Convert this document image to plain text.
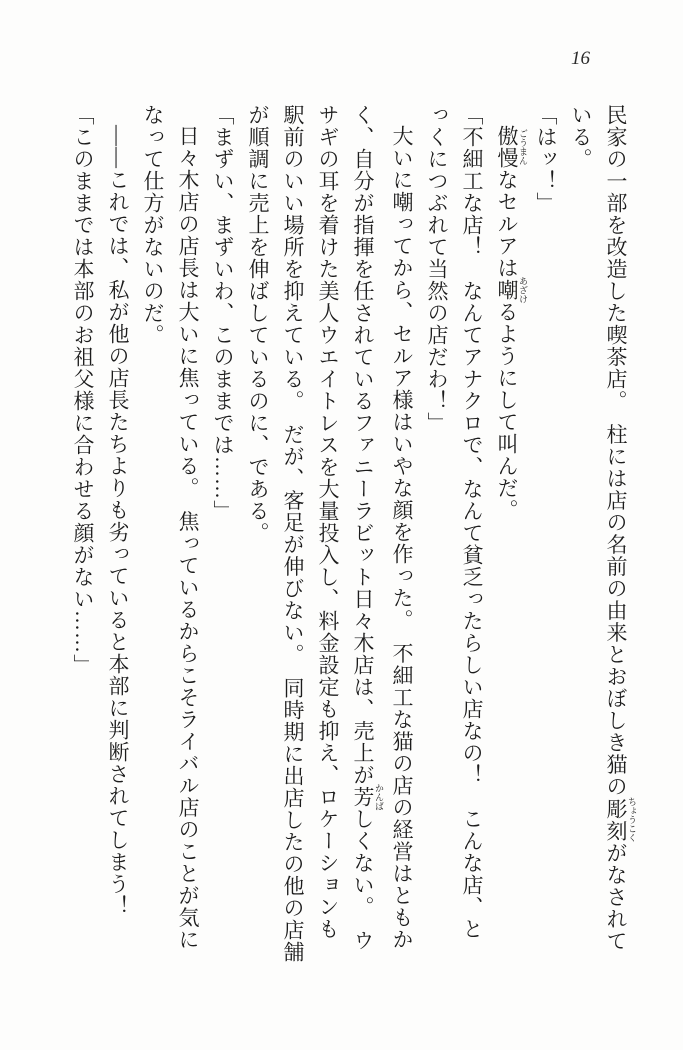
16

民家の一部を改造した喫茶店。　柱には店の名前の由来とおぼしき猫の彫刻 ちょうこくがなされて

いる。

「はッ！」

傲慢 ごうまんなセルアは嘲 あざけるようにして叫んだ。

「不細工な店！　なんてアナクロで、なんて貧乏ったらしい店なの！　こんな店、と

っくにつぶれて当然の店だわ！」

大いに嘲ってから、セルア様はいやな顔を作った。　不細工な猫の店の経営はともか

く、自分が指揮を任されているファニーラビット日々木店は、売上が芳 かんばしくない。　ウ

サギの耳を着けた美人ウエイトレスを大量投入し、料金設定も抑え、ロケーションも

駅前のいい場所を抑えている。　だが、客足が伸びない。　同時期に出店したの他の店舗

が順調に売上を伸ばしているのに、である。

「まずい、まずいわ、このままでは……」

日々木店の店長は大いに焦っている。　焦っているからこそライバル店のことが気に

なって仕方がないのだ。

――これでは、私が他の店長たちよりも劣っていると本部に判断されてしまう！

「このままでは本部のお祖父様に合わせる顔がない……」
